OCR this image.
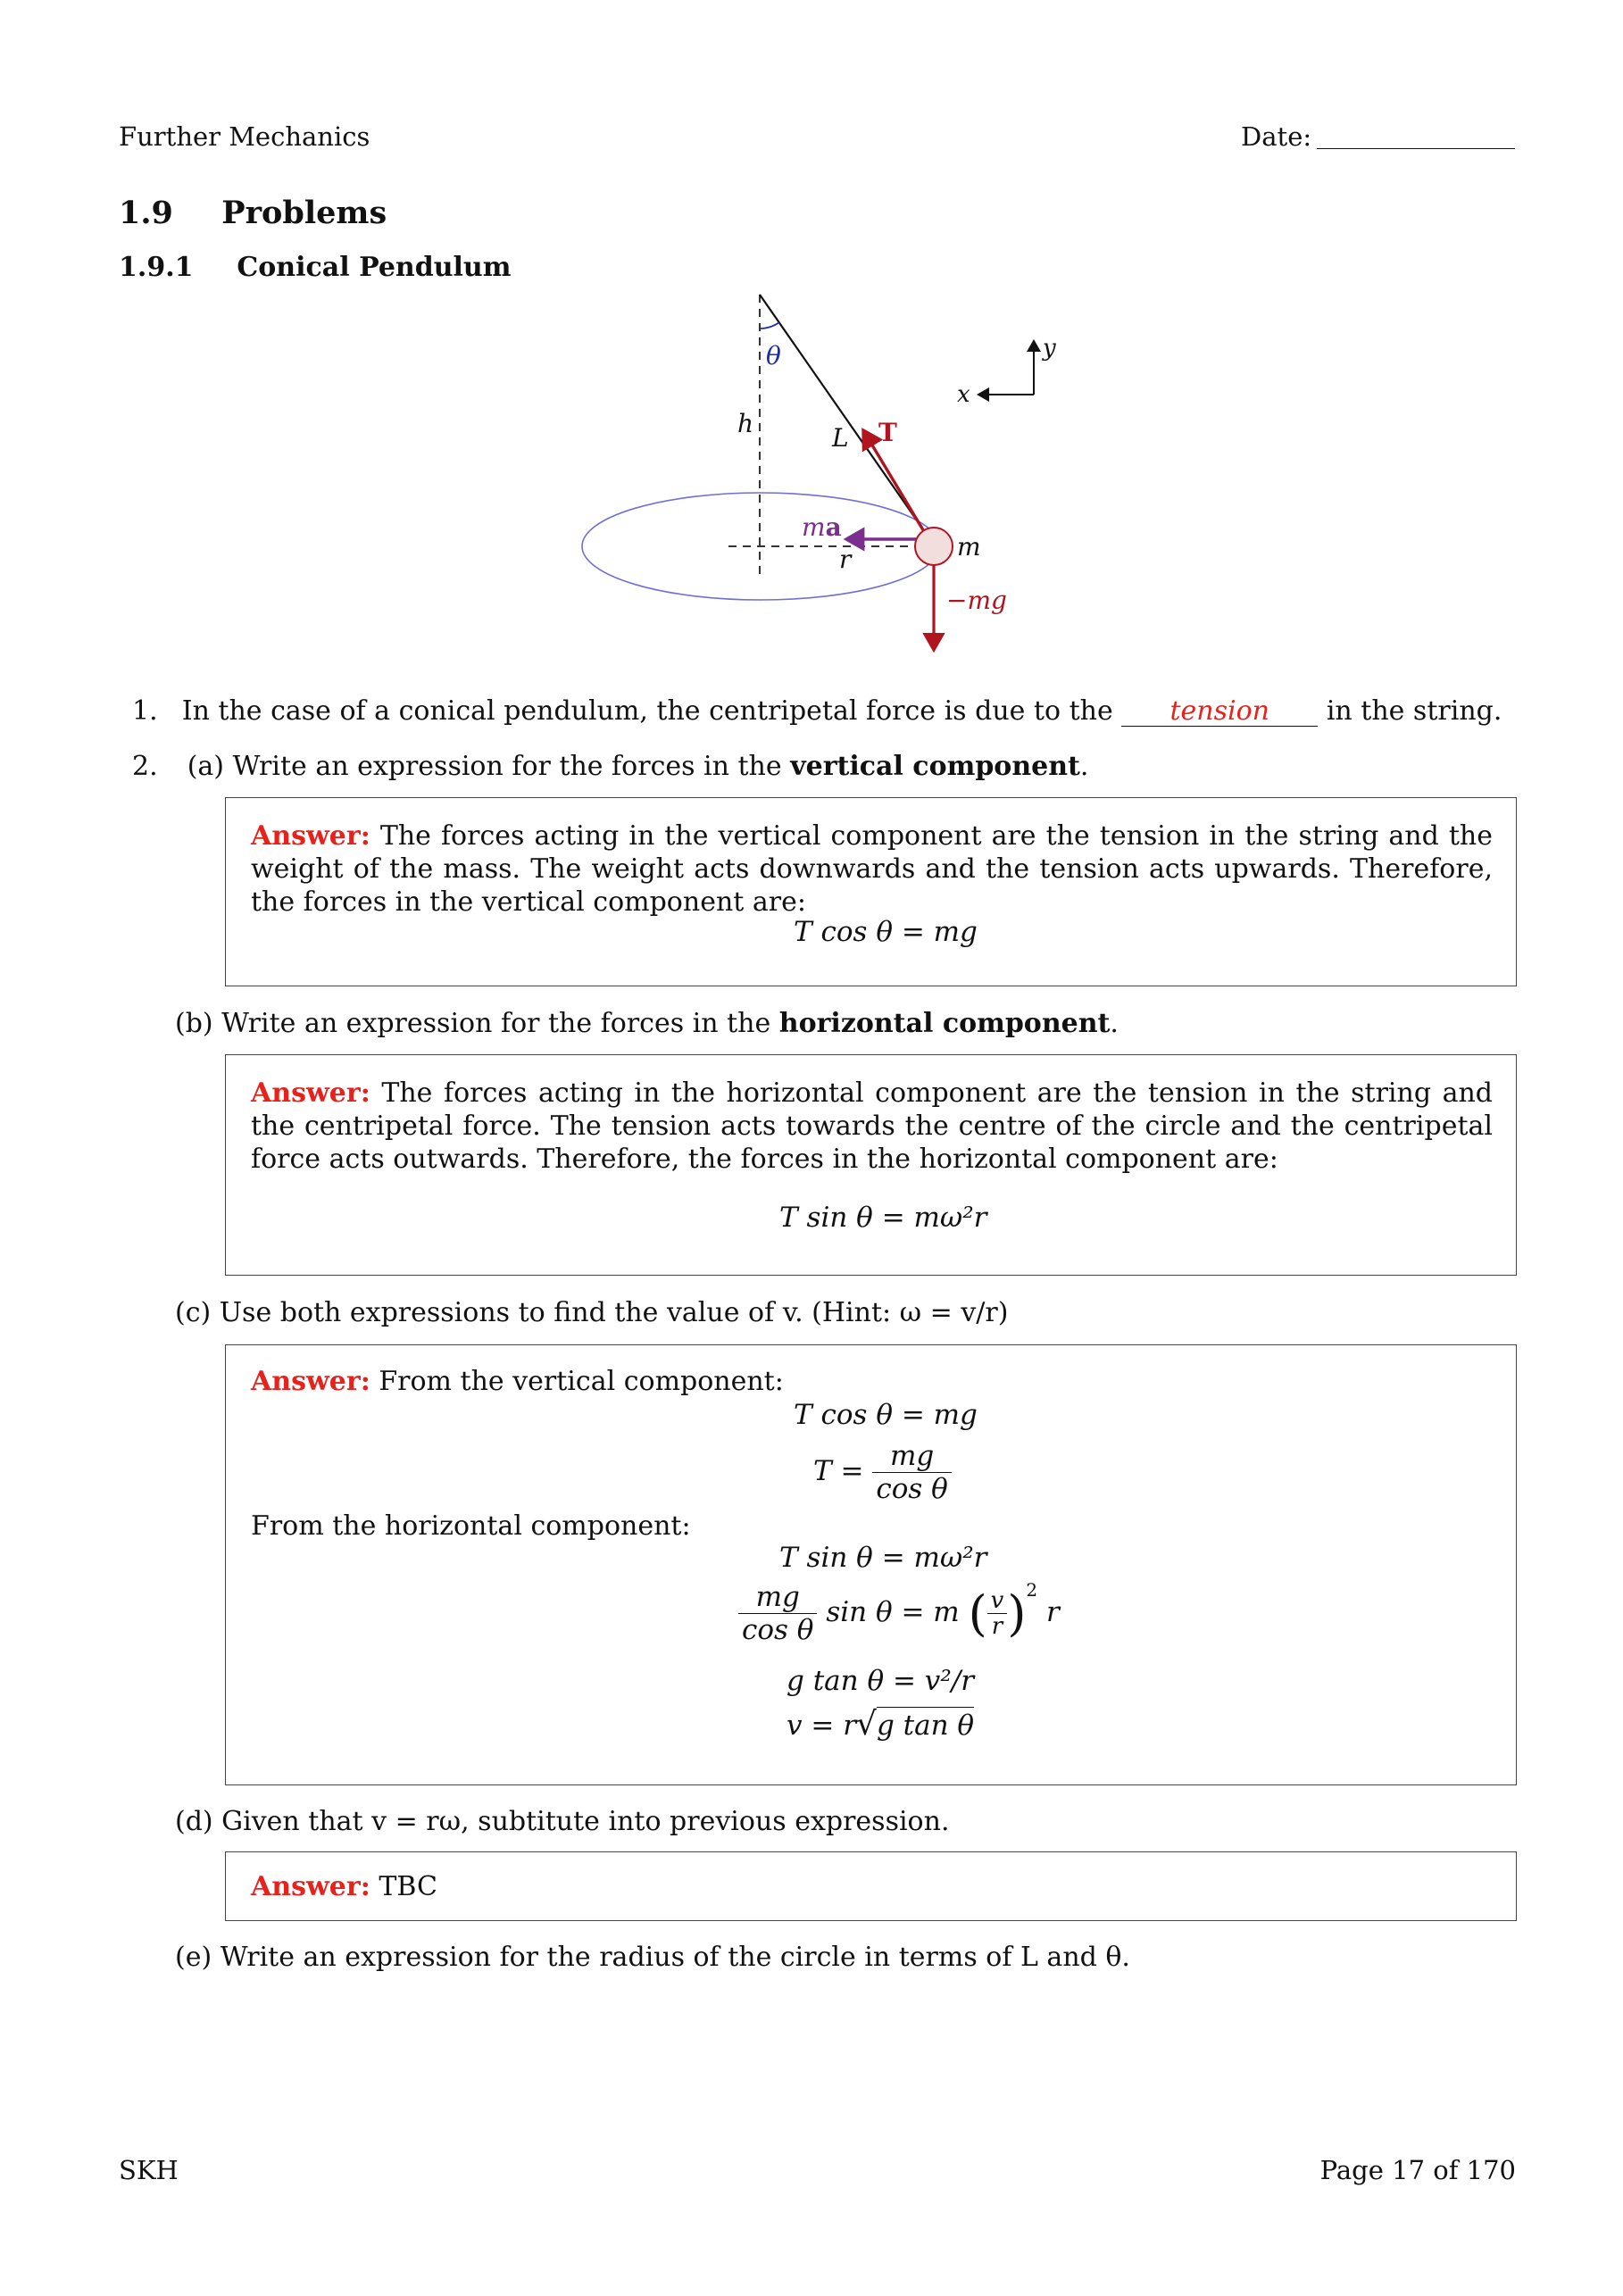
Further Mechanics	Date:
1.9 Problems
1.9.1 Conical Pendulum
θ
h	L T
ma
r	m
−mg
x
y
1. In the case of a conical pendulum, the centripetal force is due to the tension in the string.
2. (a) Write an expression for the forces in the vertical component.
Answer: The forces acting in the vertical component are the tension in the string and the weight of the mass. The weight acts downwards and the tension acts upwards. Therefore, the forces in the vertical component are:
T cos θ = mg
(b) Write an expression for the forces in the horizontal component.
Answer: The forces acting in the horizontal component are the tension in the string and the centripetal force. The tension acts towards the centre of the circle and the centripetal force acts outwards. Therefore, the forces in the horizontal component are:
T sin θ = mω²r
(c) Use both expressions to find the value of v. (Hint: ω = v/r)
Answer: From the vertical component:
T cos θ = mg
$T = \frac{mg}{\text{cos θ}}$
From the horizontal component:
T sin θ = mω²r
$\frac{mg}{\text{cos θ}}$ sin θ = m ( $\frac{v}{r} )^2$ r
g tan θ = v²/r
v = r√g tan θ
(d) Given that v = rω, subtitute into previous expression.
Answer: TBC
(e) Write an expression for the radius of the circle in terms of L and θ.
SKH	Page 17 of 170
